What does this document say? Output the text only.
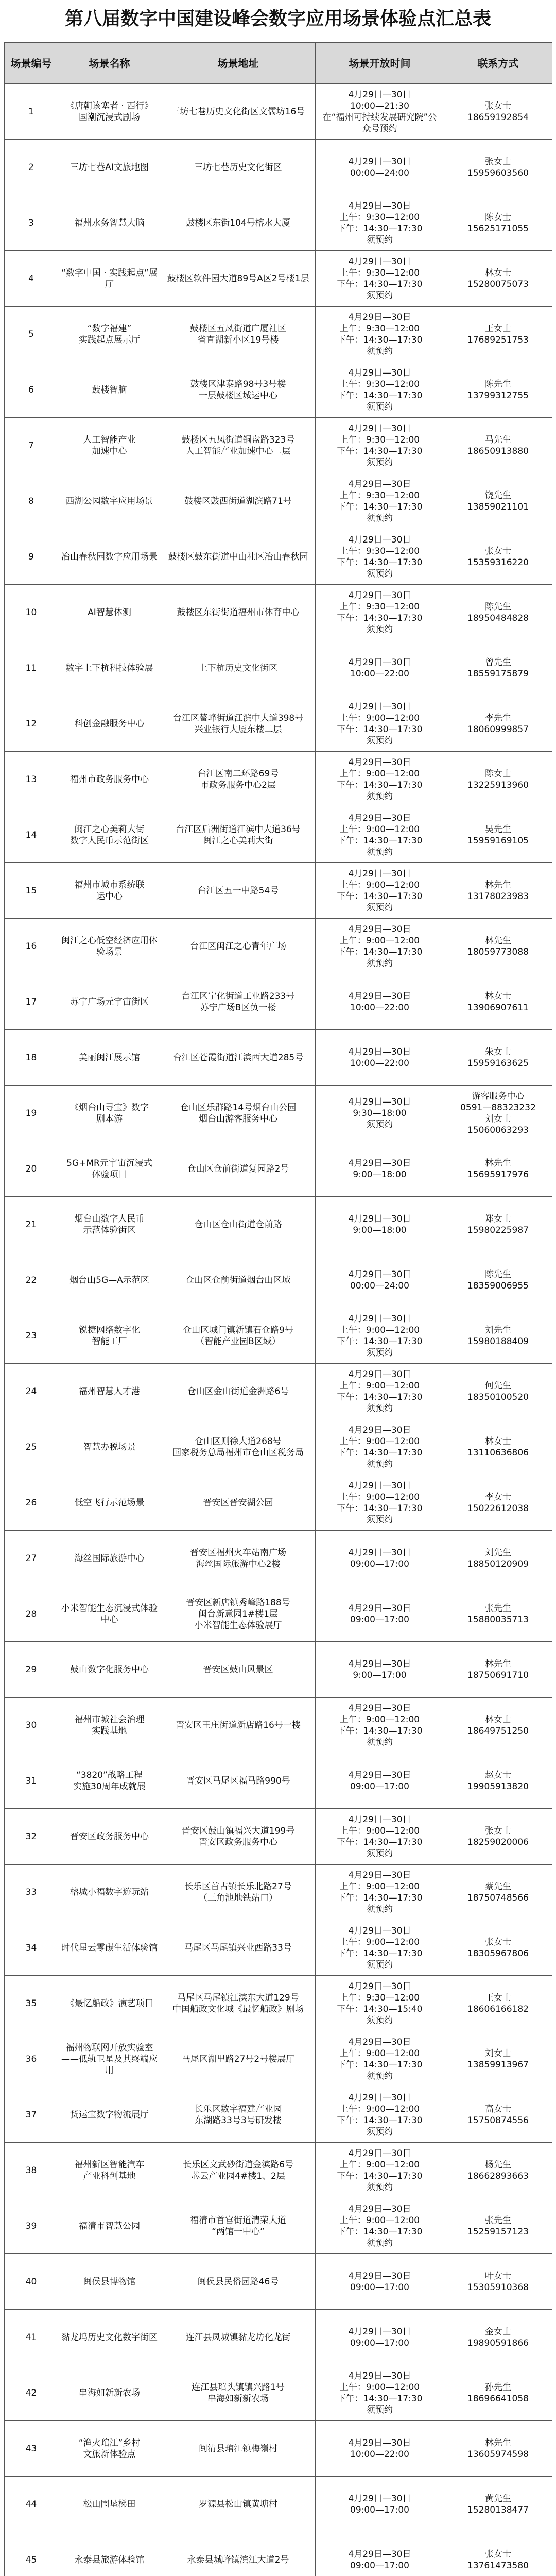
第八届数字中国建设峰会数字应用场景体验点汇总表
场景编号	场景名称	场景地址	场景开放时间	联系方式
1	《唐朝该塞者 · 西行》
国潮沉浸式剧场	三坊七巷历史文化街区文儒坊16号	4月29日—30日
10:00—21:30
在“福州可持续发展研究院”公众号预约	张女士
18659192854
2	三坊七巷AI文旅地图	三坊七巷历史文化街区	4月29日—30日
00:00—24:00	张女士
15959603560
3	福州水务智慧大脑	鼓楼区东街104号榕水大厦	4月29日—30日
上午：9:30—12:00
下午：14:30—17:30
须预约	陈女士
15625171055
4	“数字中国 · 实践起点”展厅	鼓楼区软件园大道89号A区2号楼1层	4月29日—30日
上午：9:30—12:00
下午：14:30—17:30
须预约	林女士
15280075073
5	“数字福建”
实践起点展示厅	鼓楼区五凤街道广厦社区
省直湖新小区19号楼	4月29日—30日
上午：9:30—12:00
下午：14:30—17:30
须预约	王女士
17689251753
6	鼓楼智脑	鼓楼区津泰路98号3号楼
一层鼓楼区城运中心	4月29日—30日
上午：9:30—12:00
下午：14:30—17:30
须预约	陈先生
13799312755
7	人工智能产业
加速中心	鼓楼区五凤街道铜盘路323号
人工智能产业加速中心二层	4月29日—30日
上午：9:30—12:00
下午：14:30—17:30
须预约	马先生
18650913880
8	西湖公园数字应用场景	鼓楼区鼓西街道湖滨路71号	4月29日—30日
上午：9:30—12:00
下午：14:30—17:30
须预约	饶先生
13859021101
9	冶山春秋园数字应用场景	鼓楼区鼓东街道中山社区冶山春秋园	4月29日—30日
上午：9:30—12:00
下午：14:30—17:30
须预约	张女士
15359316220
10	AI智慧体测	鼓楼区东街街道福州市体育中心	4月29日—30日
上午：9:30—12:00
下午：14:30—17:30
须预约	陈先生
18950484828
11	数字上下杭科技体验展	上下杭历史文化街区	4月29日—30日
10:00—22:00	曾先生
18559175879
12	科创金融服务中心	台江区鳌峰街道江滨中大道398号
兴业银行大厦东楼二层	4月29日—30日
上午：9:00—12:00
下午：14:30—17:30
须预约	李先生
18060999857
13	福州市政务服务中心	台江区南二环路69号
市政务服务中心2层	4月29日—30日
上午：9:00—12:00
下午：14:30—17:30
须预约	陈女士
13225913960
14	闽江之心美莉大街
数字人民币示范街区	台江区后洲街道江滨中大道36号
闽江之心美莉大街	4月29日—30日
上午：9:00—12:00
下午：14:30—17:30
须预约	吴先生
15959169105
15	福州市城市系统联
运中心	台江区五一中路54号	4月29日—30日
上午：9:00—12:00
下午：14:30—17:30
须预约	林先生
13178023983
16	闽江之心低空经济应用体验场景	台江区闽江之心青年广场	4月29日—30日
上午：9:00—12:00
下午：14:30—17:30
须预约	林先生
18059773088
17	苏宁广场元宇宙街区	台江区宁化街道工业路233号
苏宁广场B区负一楼	4月29日—30日
10:00—22:00	林女士
13906907611
18	美丽闽江展示馆	台江区苍霞街道江滨西大道285号	4月29日—30日
10:00—22:00	朱女士
15959163625
19	《烟台山寻宝》数字
剧本游	仓山区乐群路14号烟台山公园
烟台山游客服务中心	4月29日—30日
9:30—18:00
须预约	游客服务中心
0591—88323232
刘女士
15060063293
20	5G+MR元宇宙沉浸式
体验项目	仓山区仓前街道复园路2号	4月29日—30日
9:00—18:00	林先生
15695917976
21	烟台山数字人民币
示范体验街区	仓山区仓山街道仓前路	4月29日—30日
9:00—18:00	郑女士
15980225987
22	烟台山5G—A示范区	仓山区仓前街道烟台山区域	4月29日—30日
00:00—24:00	陈先生
18359006955
23	锐捷网络数字化
智能工厂	仓山区城门镇新镇石仓路9号
（智能产业园B区域）	4月29日—30日
上午：9:00—12:00
下午：14:30—17:30
须预约	刘先生
15980188409
24	福州智慧人才港	仓山区金山街道金洲路6号	4月29日—30日
上午：9:00—12:00
下午：14:30—17:30
须预约	何先生
18350100520
25	智慧办税场景	仓山区则徐大道268号
国家税务总局福州市仓山区税务局	4月29日—30日
上午：9:00—12:00
下午：14:30—17:30
须预约	林女士
13110636806
26	低空飞行示范场景	晋安区晋安湖公园	4月29日—30日
上午：9:00—12:00
下午：14:30—17:30
须预约	李女士
15022612038
27	海丝国际旅游中心	晋安区福州火车站南广场
海丝国际旅游中心2楼	4月29日—30日
09:00—17:00	刘先生
18850120909
28	小米智能生态沉浸式体验中心	晋安区新店镇秀峰路188号
闽台新意园1#楼1层
小米智能生态体验展厅	4月29日—30日
09:00—17:00	张先生
15880035713
29	鼓山数字化服务中心	晋安区鼓山风景区	4月29日—30日
9:00—17:00	林先生
18750691710
30	福州市城社会治理
实践基地	晋安区王庄街道新店路16号一楼	4月29日—30日
上午：9:00—12:00
下午：14:30—17:30
须预约	林女士
18649751250
31	“3820”战略工程
实施30周年成就展	晋安区马尾区福马路990号	4月29日—30日
09:00—17:00	赵女士
19905913820
32	晋安区政务服务中心	晋安区鼓山镇福兴大道199号
晋安区政务服务中心	4月29日—30日
上午：9:00—12:00
下午：14:30—17:30
须预约	张女士
18259020006
33	榕城小福数字遊玩站	长乐区首占镇长乐北路27号
（三角池地铁站口）	4月29日—30日
上午：9:00—12:00
下午：14:30—17:30
须预约	蔡先生
18750748566
34	时代星云零碳生活体验馆	马尾区马尾镇兴业西路33号	4月29日—30日
上午：9:00—12:00
下午：14:30—17:30
须预约	张女士
18305967806
35	《最忆船政》演艺项目	马尾区马尾镇江滨东大道129号
中国船政文化城《最忆船政》剧场	4月29日—30日
上午：9:30—12:00
下午：14:30—15:40
须预约	王女士
18606166182
36	福州物联网开放实验室
——低轨卫星及其终端应用	马尾区湖里路27号2号楼展厅	4月29日—30日
上午：9:00—12:00
下午：14:30—17:30
须预约	刘女士
13859913967
37	货运宝数字物流展厅	长乐区数字福建产业园
东湖路33号3号研发楼	4月29日—30日
上午：9:00—12:00
下午：14:30—17:30
须预约	高女士
15750874556
38	福州新区智能汽车
产业科创基地	长乐区文武砂街道金滨路6号
芯云产业园4#楼1、2层	4月29日—30日
上午：9:00—12:00
下午：14:30—17:30
须预约	杨先生
18662893663
39	福清市智慧公园	福清市首宫街道清荣大道
“两馆一中心”	4月29日—30日
上午：9:00—12:00
下午：14:30—17:30
须预约	张先生
15259157123
40	闽侯县博物馆	闽侯县民俗园路46号	4月29日—30日
09:00—17:00	叶女士
15305910368
41	黏龙坞历史文化数字街区	连江县凤城镇黏龙坊化龙街	4月29日—30日
09:00—17:00	金女士
19890591866
42	串海如新新农场	连江县琯头镇镇兴路1号
串海如新新农场	4月29日—30日
上午：9:00—12:00
下午：14:30—17:30
须预约	孙先生
18696641058
43	“渔火琯江”乡村
文旅新体验点	闽清县琯江镇梅嶺村	4月29日—30日
10:00—22:00	林先生
13605974598
44	松山围垦梯田	罗源县松山镇黄塘村	4月29日—30日
09:00—17:00	黄先生
15280138477
45	永泰县旅游体验馆	永泰县城峰镇滨江大道2号	4月29日—30日
09:00—17:00	张女士
13761473580
